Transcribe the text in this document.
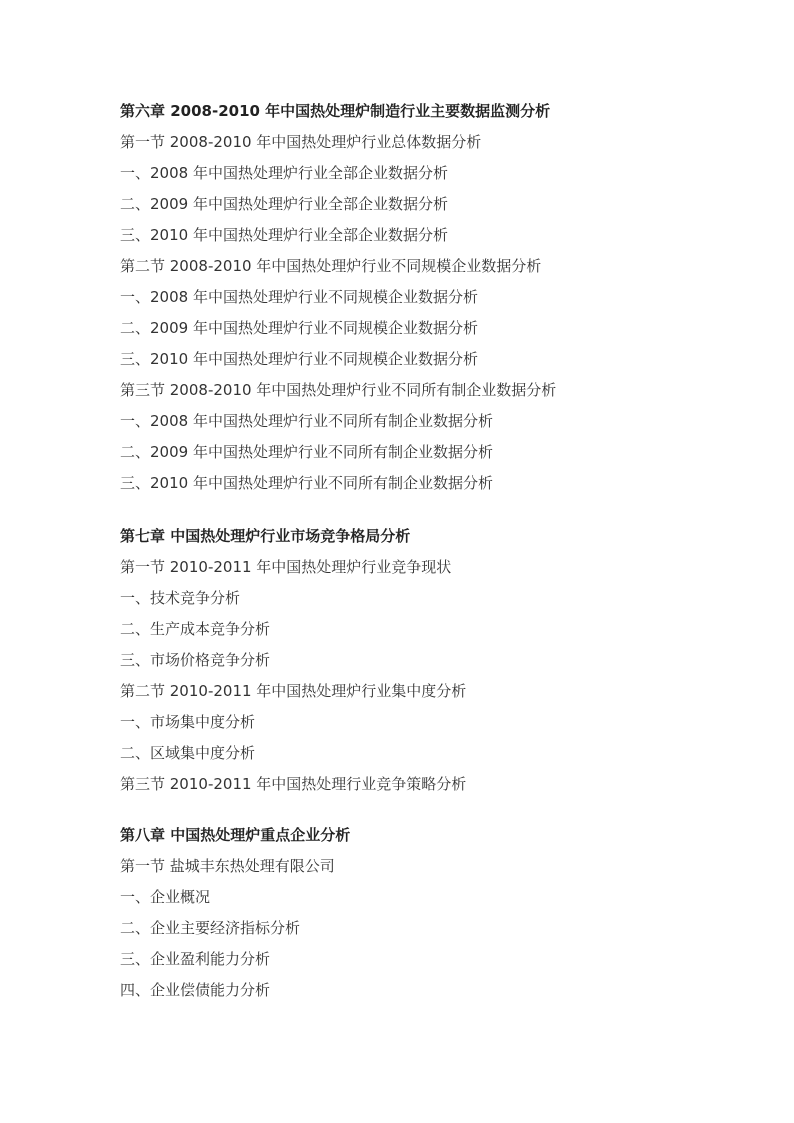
第六章 2008-2010 年中国热处理炉制造行业主要数据监测分析
第一节 2008-2010 年中国热处理炉行业总体数据分析
一、2008 年中国热处理炉行业全部企业数据分析
二、2009 年中国热处理炉行业全部企业数据分析
三、2010 年中国热处理炉行业全部企业数据分析
第二节 2008-2010 年中国热处理炉行业不同规模企业数据分析
一、2008 年中国热处理炉行业不同规模企业数据分析
二、2009 年中国热处理炉行业不同规模企业数据分析
三、2010 年中国热处理炉行业不同规模企业数据分析
第三节 2008-2010 年中国热处理炉行业不同所有制企业数据分析
一、2008 年中国热处理炉行业不同所有制企业数据分析
二、2009 年中国热处理炉行业不同所有制企业数据分析
三、2010 年中国热处理炉行业不同所有制企业数据分析
第七章 中国热处理炉行业市场竞争格局分析
第一节 2010-2011 年中国热处理炉行业竞争现状
一、技术竞争分析
二、生产成本竞争分析
三、市场价格竞争分析
第二节 2010-2011 年中国热处理炉行业集中度分析
一、市场集中度分析
二、区域集中度分析
第三节 2010-2011 年中国热处理行业竞争策略分析
第八章 中国热处理炉重点企业分析
第一节 盐城丰东热处理有限公司
一、企业概况
二、企业主要经济指标分析
三、企业盈利能力分析
四、企业偿债能力分析
